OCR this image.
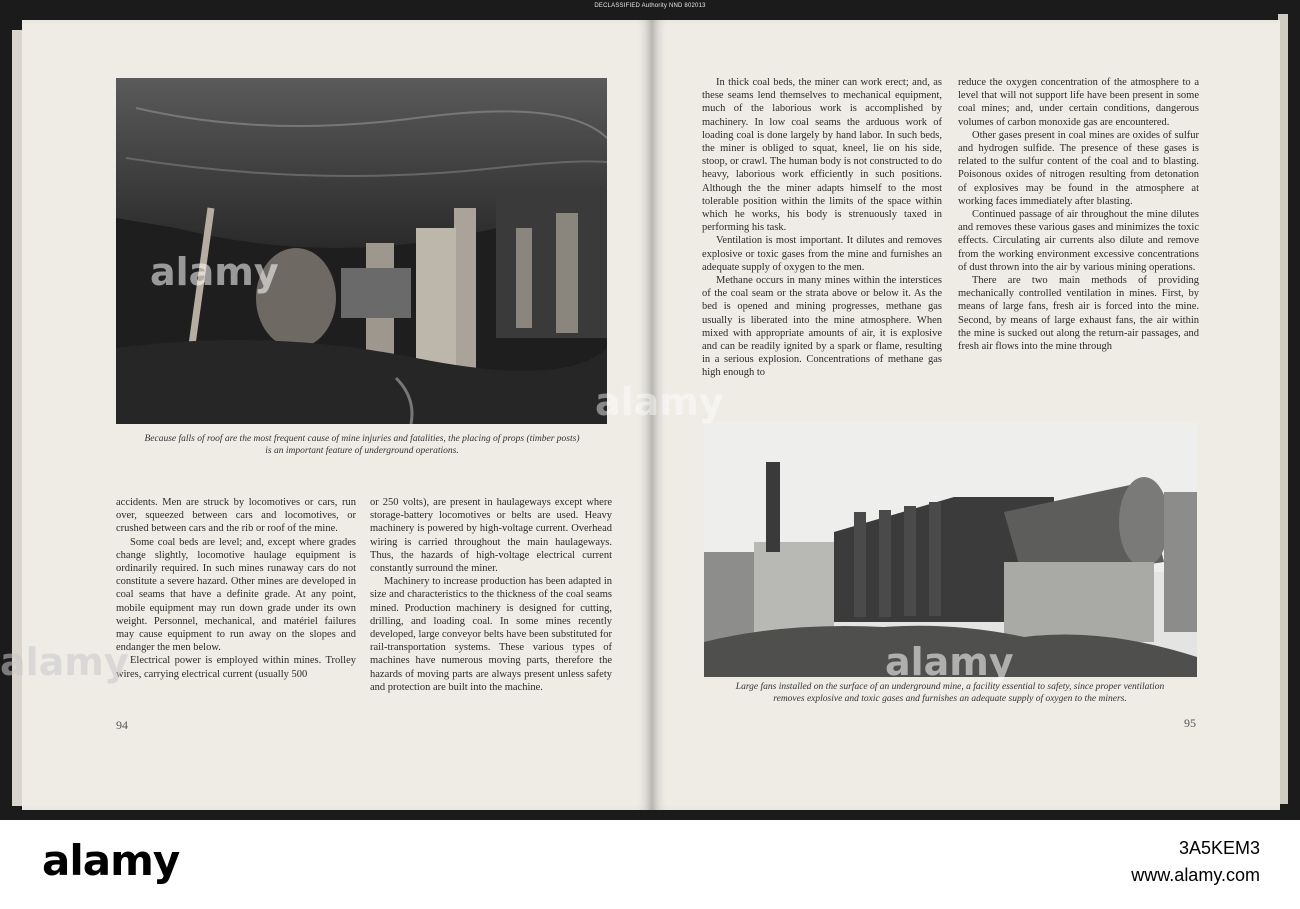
DECLASSIFIED Authority NND 802013
Because falls of roof are the most frequent cause of mine injuries and fatalities, the placing of props (timber posts)
is an important feature of underground operations.

accidents. Men are struck by locomotives or cars, run over, squeezed between cars and locomotives, or crushed between cars and the rib or roof of the mine.

Some coal beds are level; and, except where grades change slightly, locomotive haulage equipment is ordinarily required. In such mines runaway cars do not constitute a severe hazard. Other mines are developed in coal seams that have a definite grade. At any point, mobile equipment may run down grade under its own weight. Personnel, mechanical, and matériel failures may cause equipment to run away on the slopes and endanger the men below.

Electrical power is employed within mines. Trolley wires, carrying electrical current (usually 500

or 250 volts), are present in haulageways except where storage-battery locomotives or belts are used. Heavy machinery is powered by high-voltage current. Overhead wiring is carried throughout the main haulageways. Thus, the hazards of high-voltage electrical current constantly surround the miner.

Machinery to increase production has been adapted in size and characteristics to the thickness of the coal seams mined. Production machinery is designed for cutting, drilling, and loading coal. In some mines recently developed, large conveyor belts have been substituted for rail-transportation systems. These various types of machines have numerous moving parts, therefore the hazards of moving parts are always present unless safety and protection are built into the machine.

94

In thick coal beds, the miner can work erect; and, as these seams lend themselves to mechanical equipment, much of the laborious work is accomplished by machinery. In low coal seams the arduous work of loading coal is done largely by hand labor. In such beds, the miner is obliged to squat, kneel, lie on his side, stoop, or crawl. The human body is not constructed to do heavy, laborious work efficiently in such positions. Although the the miner adapts himself to the most tolerable position within the limits of the space within which he works, his body is strenuously taxed in performing his task.

Ventilation is most important. It dilutes and removes explosive or toxic gases from the mine and furnishes an adequate supply of oxygen to the men.

Methane occurs in many mines within the interstices of the coal seam or the strata above or below it. As the bed is opened and mining progresses, methane gas usually is liberated into the mine atmosphere. When mixed with appropriate amounts of air, it is explosive and can be readily ignited by a spark or flame, resulting in a serious explosion. Concentrations of methane gas high enough to

reduce the oxygen concentration of the atmosphere to a level that will not support life have been present in some coal mines; and, under certain conditions, dangerous volumes of carbon monoxide gas are encountered.

Other gases present in coal mines are oxides of sulfur and hydrogen sulfide. The presence of these gases is related to the sulfur content of the coal and to blasting. Poisonous oxides of nitrogen resulting from detonation of explosives may be found in the atmosphere at working faces immediately after blasting.

Continued passage of air throughout the mine dilutes and removes these various gases and minimizes the toxic effects. Circulating air currents also dilute and remove from the working environment excessive concentrations of dust thrown into the air by various mining operations.

There are two main methods of providing mechanically controlled ventilation in mines. First, by means of large fans, fresh air is forced into the mine. Second, by means of large exhaust fans, the air within the mine is sucked out along the return-air passages, and fresh air flows into the mine through

Large fans installed on the surface of an underground mine, a facility essential to safety, since proper ventilation
removes explosive and toxic gases and furnishes an adequate supply of oxygen to the miners.
95
alamy
alamy
alamy	alamy
alamy	3A5KEM3
www.alamy.com
